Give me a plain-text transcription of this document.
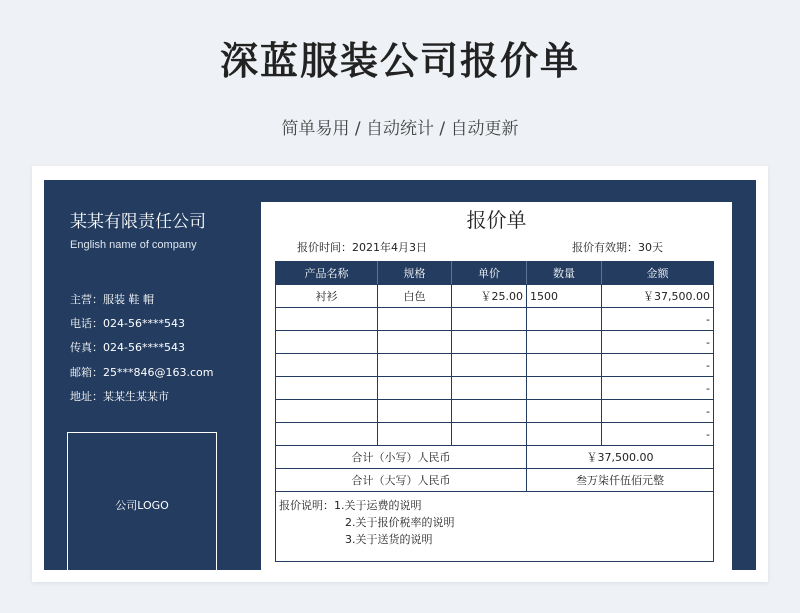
深蓝服装公司报价单
简单易用 / 自动统计 / 自动更新
某某有限责任公司
English name of company
主营：服装 鞋 帽
电话：024-56****543
传真：024-56****543
邮箱：25***846@163.com
地址：某某生某某市
公司LOGO
报价单
报价时间：2021年4月3日	报价有效期：30天
产品名称	规格	单价	数量	金额
衬衫	白色	￥25.00	1500	￥37,500.00
				-
				-
				-
				-
				-
				-
合计（小写）人民币			￥37,500.00	
合计（大写）人民币			叁万柒仟伍佰元整	

报价说明：1.关于运费的说明
2.关于报价税率的说明
3.关于送货的说明				
